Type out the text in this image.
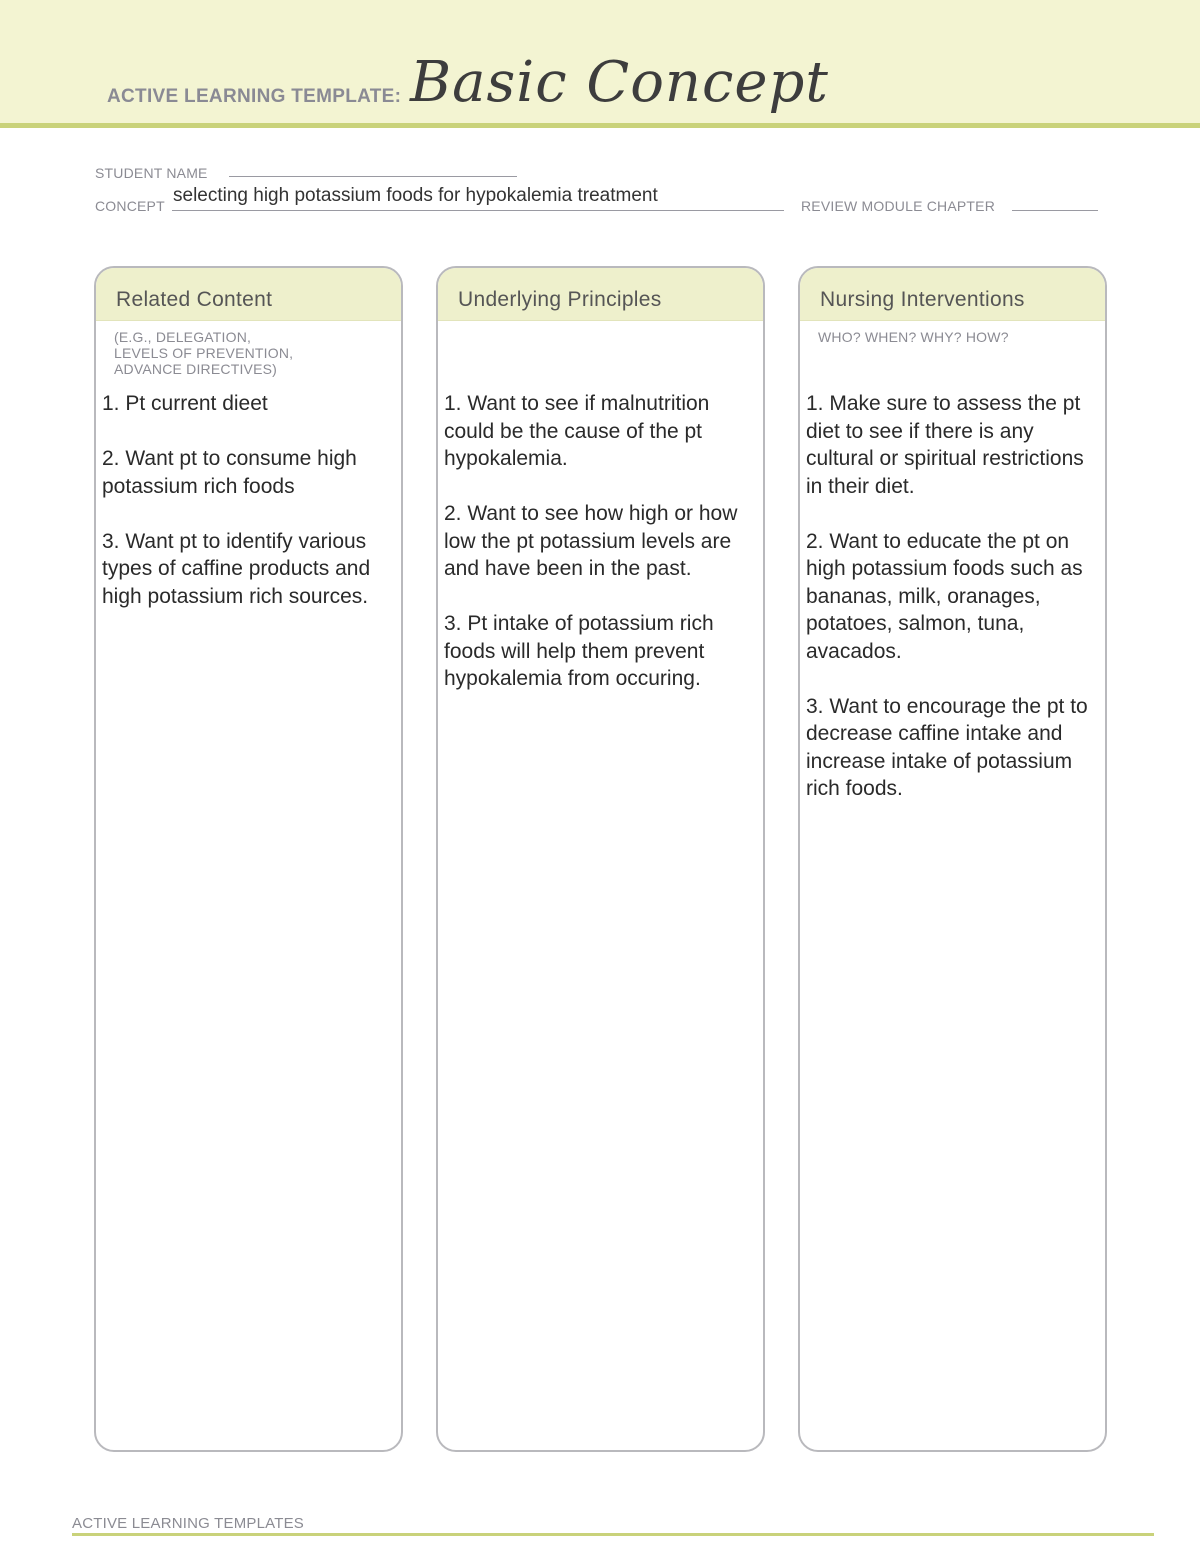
ACTIVE LEARNING TEMPLATE: Basic Concept
STUDENT NAME
CONCEPT selecting high potassium foods for hypokalemia treatment	REVIEW MODULE CHAPTER
Related Content
(E.G., DELEGATION,
LEVELS OF PREVENTION,
ADVANCE DIRECTIVES)
1. Pt current dieet
2. Want pt to consume high potassium rich foods
3. Want pt to identify various types of caffine products and high potassium rich sources.
Underlying Principles
1. Want to see if malnutrition could be the cause of the pt hypokalemia.
2. Want to see how high or how low the pt potassium levels are and have been in the past.
3. Pt intake of potassium rich foods will help them prevent hypokalemia from occuring.
Nursing Interventions
WHO? WHEN? WHY? HOW?
1. Make sure to assess the pt diet to see if there is any cultural or spiritual restrictions in their diet.
2. Want to educate the pt on high potassium foods such as bananas, milk, oranages, potatoes, salmon, tuna, avacados.
3. Want to encourage the pt to decrease caffine intake and increase intake of potassium rich foods.
ACTIVE LEARNING TEMPLATES
